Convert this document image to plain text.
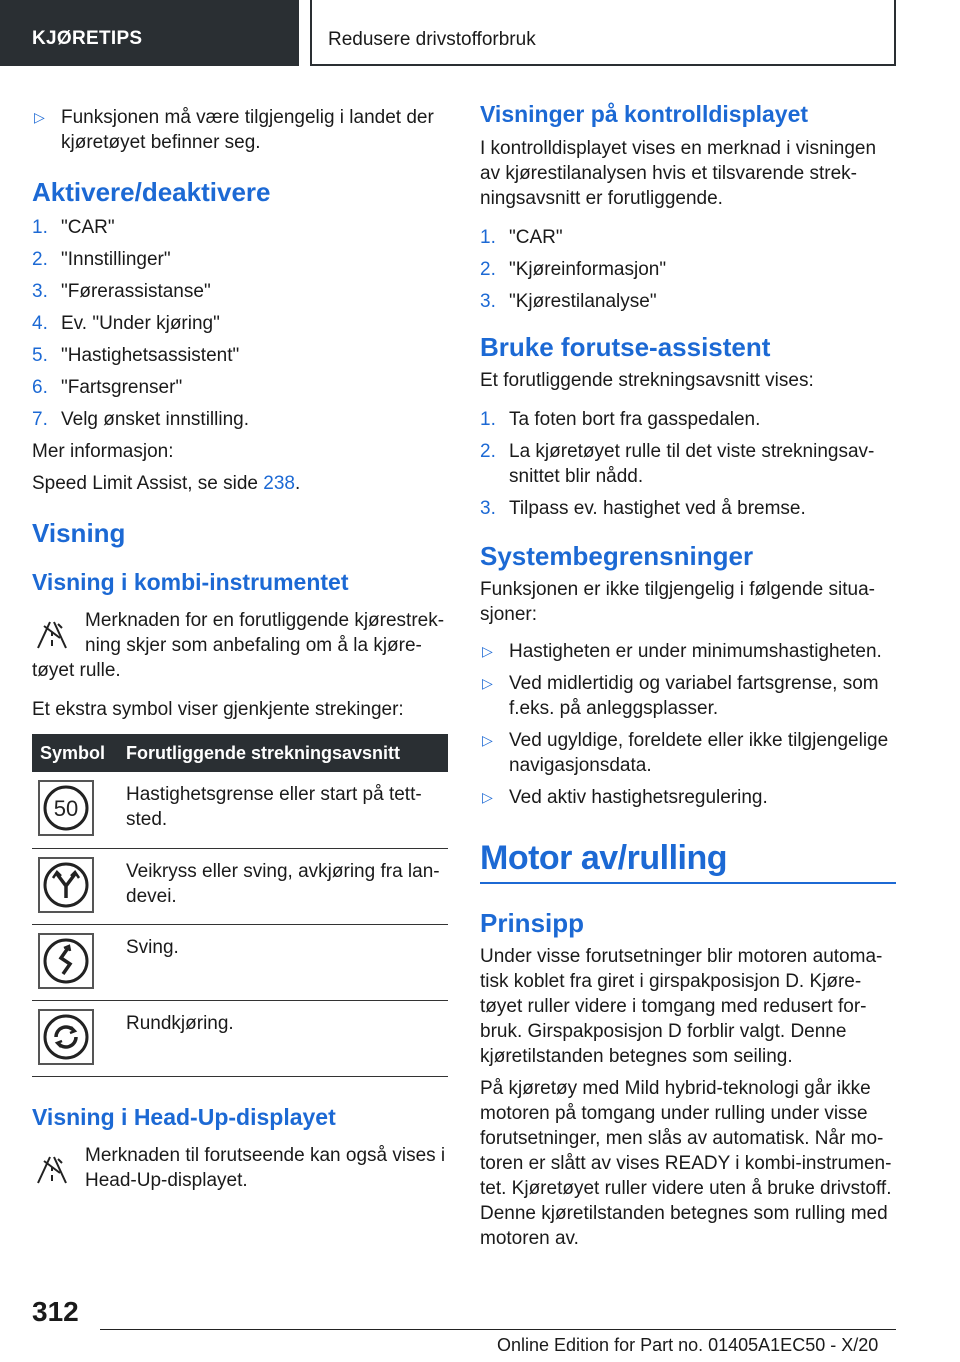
KJØRETIPS	Redusere drivstofforbruk
▷ Funksjonen må være tilgjengelig i landet der kjøretøyet befinner seg.
Aktivere/deaktivere
1. "CAR"
2. "Innstillinger"
3. "Førerassistanse"
4. Ev. "Under kjøring"
5. "Hastighetsassistent"
6. "Fartsgrenser"
7. Velg ønsket innstilling.
Mer informasjon:
Speed Limit Assist, se side 238.
Visning
Visning i kombi-instrumentet
Merknaden for en forutliggende kjørestrek-
ning skjer som anbefaling om å la kjøre-
tøyet rulle.
Et ekstra symbol viser gjenkjente strekinger:
Symbol	Forutliggende strekningsavsnitt

50	Hastighetsgrense eller start på tett-sted.

	Veikryss eller sving, avkjøring fra lan-devei.

	Sving.

	Rundkjøring.
Visning i Head-Up-displayet
Merknaden til forutseende kan også vises i Head-Up-displayet.
Visninger på kontrolldisplayet
I kontrolldisplayet vises en merknad i visningen av kjørestilanalysen hvis et tilsvarende strek-ningsavsnitt er forutliggende.
1. "CAR"
2. "Kjøreinformasjon"
3. "Kjørestilanalyse"
Bruke forutse-assistent
Et forutliggende strekningsavsnitt vises:
1. Ta foten bort fra gasspedalen.
2. La kjøretøyet rulle til det viste strekningsav-snittet blir nådd.
3. Tilpass ev. hastighet ved å bremse.
Systembegrensninger
Funksjonen er ikke tilgjengelig i følgende situa-sjoner:
▷ Hastigheten er under minimumshastigheten.
▷ Ved midlertidig og variabel fartsgrense, som f.eks. på anleggsplasser.
▷ Ved ugyldige, foreldete eller ikke tilgjengelige navigasjonsdata.
▷ Ved aktiv hastighetsregulering.
Motor av/rulling
Prinsipp
Under visse forutsetninger blir motoren automa-tisk koblet fra giret i girspakposisjon D. Kjøre-tøyet ruller videre i tomgang med redusert for-bruk. Girspakposisjon D forblir valgt. Denne kjøretilstanden betegnes som seiling.
På kjøretøy med Mild hybrid-teknologi går ikke motoren på tomgang under rulling under visse forutsetninger, men slås av automatisk. Når mo-toren er slått av vises READY i kombi-instrumen-tet. Kjøretøyet ruller videre uten å bruke drivstoff. Denne kjøretilstanden betegnes som rulling med motoren av.
312
Online Edition for Part no. 01405A1EC50 - X/20
